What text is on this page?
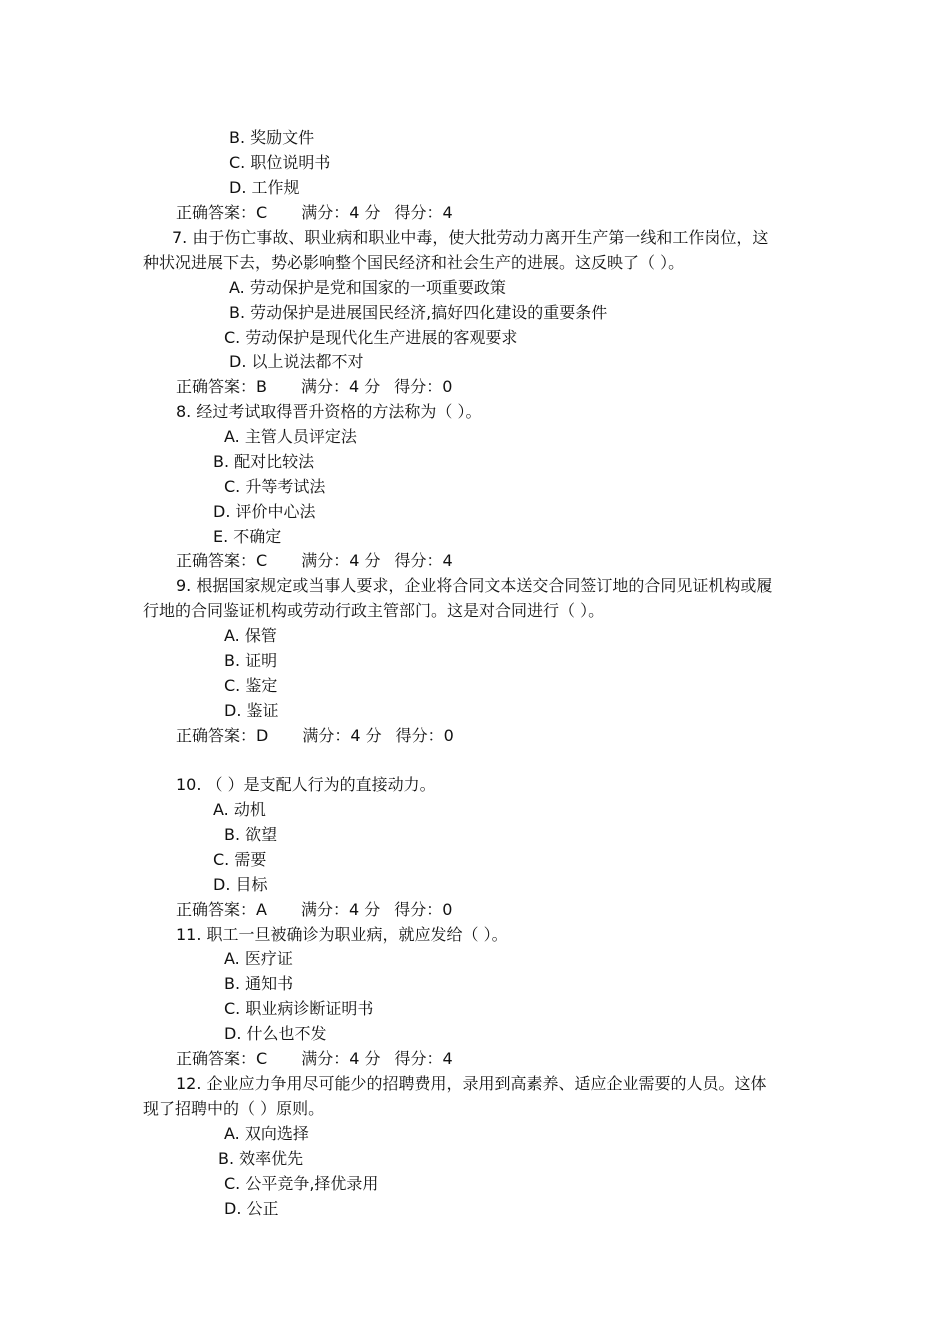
B. 奖励文件
C. 职位说明书
D. 工作规
正确答案：C 满分：4 分 得分：4
7. 由于伤亡事故、职业病和职业中毒，使大批劳动力离开生产第一线和工作岗位，这
种状况进展下去，势必影响整个国民经济和社会生产的进展。这反映了（ ）。
A. 劳动保护是党和国家的一项重要政策
B. 劳动保护是进展国民经济,搞好四化建设的重要条件
C. 劳动保护是现代化生产进展的客观要求
D. 以上说法都不对
正确答案：B 满分：4 分 得分：0
8. 经过考试取得晋升资格的方法称为（ ）。
A. 主管人员评定法
B. 配对比较法
C. 升等考试法
D. 评价中心法
E. 不确定
正确答案：C 满分：4 分 得分：4
9. 根据国家规定或当事人要求，企业将合同文本送交合同签订地的合同见证机构或履
行地的合同鉴证机构或劳动行政主管部门。这是对合同进行（ ）。
A. 保管
B. 证明
C. 鉴定
D. 鉴证
正确答案：D 满分：4 分 得分：0
10. （ ）是支配人行为的直接动力。
A. 动机
B. 欲望
C. 需要
D. 目标
正确答案：A 满分：4 分 得分：0
11. 职工一旦被确诊为职业病，就应发给（ ）。
A. 医疗证
B. 通知书
C. 职业病诊断证明书
D. 什么也不发
正确答案：C 满分：4 分 得分：4
12. 企业应力争用尽可能少的招聘费用，录用到高素养、适应企业需要的人员。这体
现了招聘中的（ ）原则。
A. 双向选择
B. 效率优先
C. 公平竞争,择优录用
D. 公正
